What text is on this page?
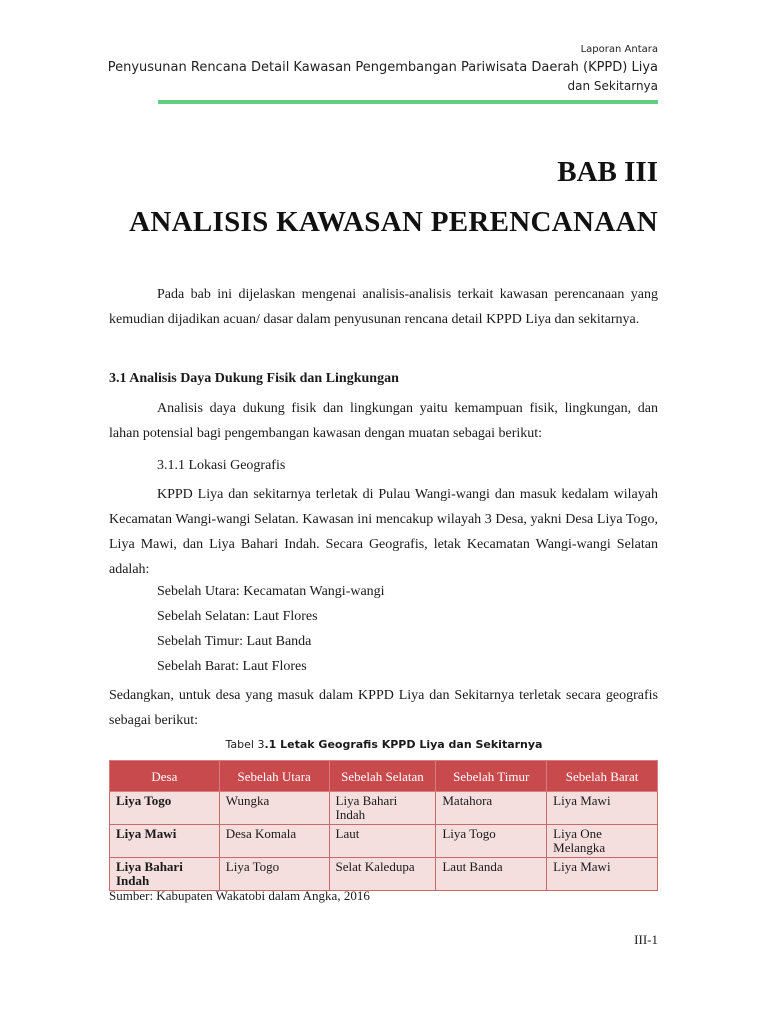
Laporan Antara
Penyusunan Rencana Detail Kawasan Pengembangan Pariwisata Daerah (KPPD) Liya
dan Sekitarnya
BAB III
ANALISIS KAWASAN PERENCANAAN
Pada bab ini dijelaskan mengenai analisis-analisis terkait kawasan perencanaan yang kemudian dijadikan acuan/ dasar dalam penyusunan rencana detail KPPD Liya dan sekitarnya.
3.1 Analisis Daya Dukung Fisik dan Lingkungan
Analisis daya dukung fisik dan lingkungan yaitu kemampuan fisik, lingkungan, dan lahan potensial bagi pengembangan kawasan dengan muatan sebagai berikut:
3.1.1 Lokasi Geografis
KPPD Liya dan sekitarnya terletak di Pulau Wangi-wangi dan masuk kedalam wilayah Kecamatan Wangi-wangi Selatan. Kawasan ini mencakup wilayah 3 Desa, yakni Desa Liya Togo, Liya Mawi, dan Liya Bahari Indah. Secara Geografis, letak Kecamatan Wangi-wangi Selatan adalah:
Sebelah Utara: Kecamatan Wangi-wangi
Sebelah Selatan: Laut Flores
Sebelah Timur: Laut Banda
Sebelah Barat: Laut Flores
Sedangkan, untuk desa yang masuk dalam KPPD Liya dan Sekitarnya terletak secara geografis sebagai berikut:
Tabel 3.1 Letak Geografis KPPD Liya dan Sekitarnya
Desa	Sebelah Utara	Sebelah Selatan	Sebelah Timur	Sebelah Barat
Liya Togo	Wungka	Liya Bahari Indah	Matahora	Liya Mawi
Liya Mawi	Desa Komala	Laut	Liya Togo	Liya One Melangka
Liya Bahari Indah	Liya Togo	Selat Kaledupa	Laut Banda	Liya Mawi
Sumber: Kabupaten Wakatobi dalam Angka, 2016
III-1
